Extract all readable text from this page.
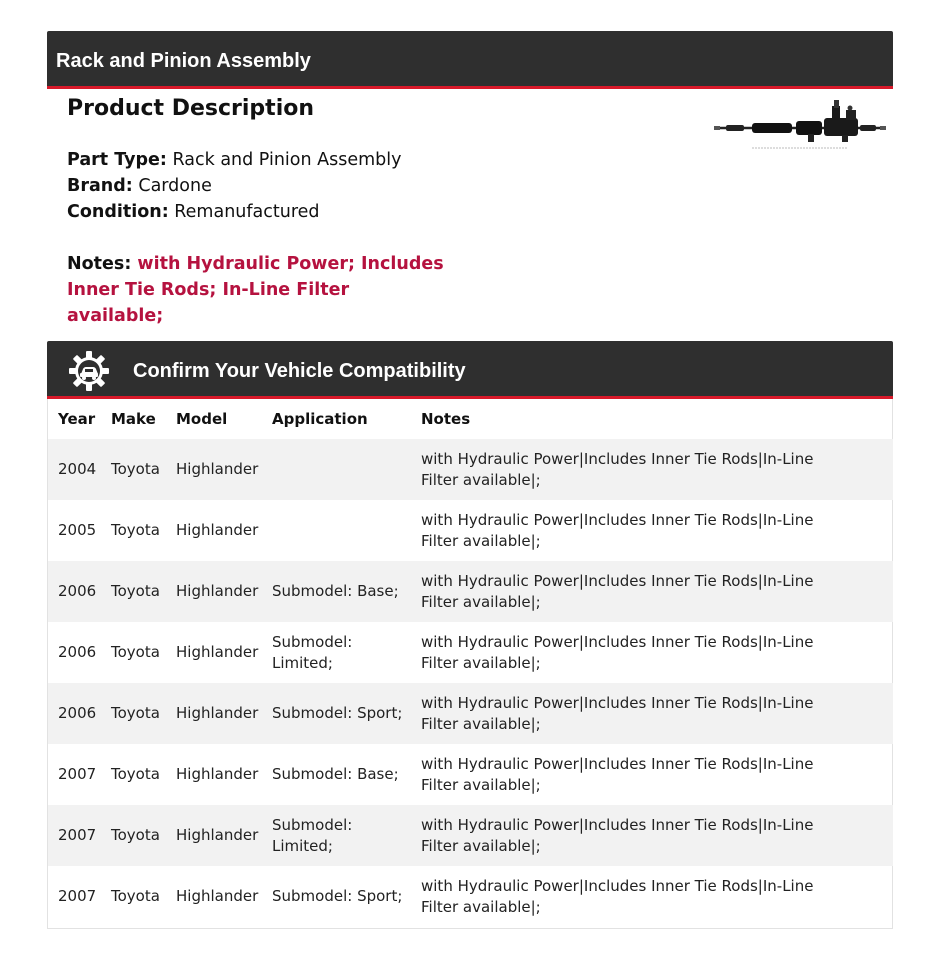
Rack and Pinion Assembly
Product Description
Part Type: Rack and Pinion Assembly
Brand: Cardone
Condition: Remanufactured
Notes: with Hydraulic Power; Includes Inner Tie Rods; In-Line Filter available;
Confirm Your Vehicle Compatibility
Year	Make	Model	Application	Notes
2004	Toyota	Highlander		with Hydraulic Power|Includes Inner Tie Rods|In-Line Filter available|;
2005	Toyota	Highlander		with Hydraulic Power|Includes Inner Tie Rods|In-Line Filter available|;
2006	Toyota	Highlander	Submodel: Base;	with Hydraulic Power|Includes Inner Tie Rods|In-Line Filter available|;
2006	Toyota	Highlander	Submodel: Limited;	with Hydraulic Power|Includes Inner Tie Rods|In-Line Filter available|;
2006	Toyota	Highlander	Submodel: Sport;	with Hydraulic Power|Includes Inner Tie Rods|In-Line Filter available|;
2007	Toyota	Highlander	Submodel: Base;	with Hydraulic Power|Includes Inner Tie Rods|In-Line Filter available|;
2007	Toyota	Highlander	Submodel: Limited;	with Hydraulic Power|Includes Inner Tie Rods|In-Line Filter available|;
2007	Toyota	Highlander	Submodel: Sport;	with Hydraulic Power|Includes Inner Tie Rods|In-Line Filter available|;
